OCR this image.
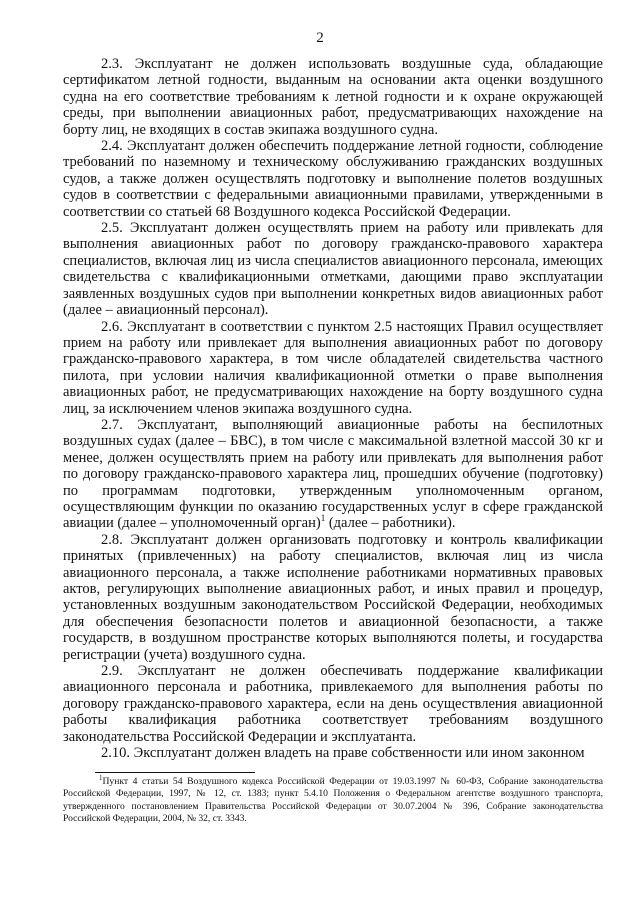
2

2.3. Эксплуатант не должен использовать воздушные суда, обладающие сертификатом летной годности, выданным на основании акта оценки воздушного судна на его соответствие требованиям к летной годности и к охране окружающей среды, при выполнении авиационных работ, предусматривающих нахождение на борту лиц, не входящих в состав экипажа воздушного судна.

2.4. Эксплуатант должен обеспечить поддержание летной годности, соблюдение требований по наземному и техническому обслуживанию гражданских воздушных судов, а также должен осуществлять подготовку и выполнение полетов воздушных судов в соответствии с федеральными авиационными правилами, утвержденными в соответствии со статьей 68 Воздушного кодекса Российской Федерации.

2.5. Эксплуатант должен осуществлять прием на работу или привлекать для выполнения авиационных работ по договору гражданско-правового характера специалистов, включая лиц из числа специалистов авиационного персонала, имеющих свидетельства с квалификационными отметками, дающими право эксплуатации заявленных воздушных судов при выполнении конкретных видов авиационных работ (далее – авиационный персонал).

2.6. Эксплуатант в соответствии с пунктом 2.5 настоящих Правил осуществляет прием на работу или привлекает для выполнения авиационных работ по договору гражданско-правового характера, в том числе обладателей свидетельства частного пилота, при условии наличия квалификационной отметки о праве выполнения авиационных работ, не предусматривающих нахождение на борту воздушного судна лиц, за исключением членов экипажа воздушного судна.

2.7. Эксплуатант, выполняющий авиационные работы на беспилотных воздушных судах (далее – БВС), в том числе с максимальной взлетной массой 30 кг и менее, должен осуществлять прием на работу или привлекать для выполнения работ по договору гражданско-правового характера лиц, прошедших обучение (подготовку) по программам подготовки, утвержденным уполномоченным органом, осуществляющим функции по оказанию государственных услуг в сфере гражданской авиации (далее – уполномоченный орган)$^1$ (далее – работники).

2.8. Эксплуатант должен организовать подготовку и контроль квалификации принятых (привлеченных) на работу специалистов, включая лиц из числа авиационного персонала, а также исполнение работниками нормативных правовых актов, регулирующих выполнение авиационных работ, и иных правил и процедур, установленных воздушным законодательством Российской Федерации, необходимых для обеспечения безопасности полетов и авиационной безопасности, а также государств, в воздушном пространстве которых выполняются полеты, и государства регистрации (учета) воздушного судна.

2.9. Эксплуатант не должен обеспечивать поддержание квалификации авиационного персонала и работника, привлекаемого для выполнения работы по договору гражданско-правового характера, если на день осуществления авиационной работы квалификация работника соответствует требованиям воздушного законодательства Российской Федерации и эксплуатанта.

2.10. Эксплуатант должен владеть на праве собственности или ином законном

$^1$Пункт 4 статьи 54 Воздушного кодекса Российской Федерации от 19.03.1997 № 60-ФЗ, Собрание законодательства Российской Федерации, 1997, № 12, ст. 1383; пункт 5.4.10 Положения о Федеральном агентстве воздушного транспорта, утвержденного постановлением Правительства Российской Федерации от 30.07.2004 № 396, Собрание законодательства Российской Федерации, 2004, № 32, ст. 3343.
